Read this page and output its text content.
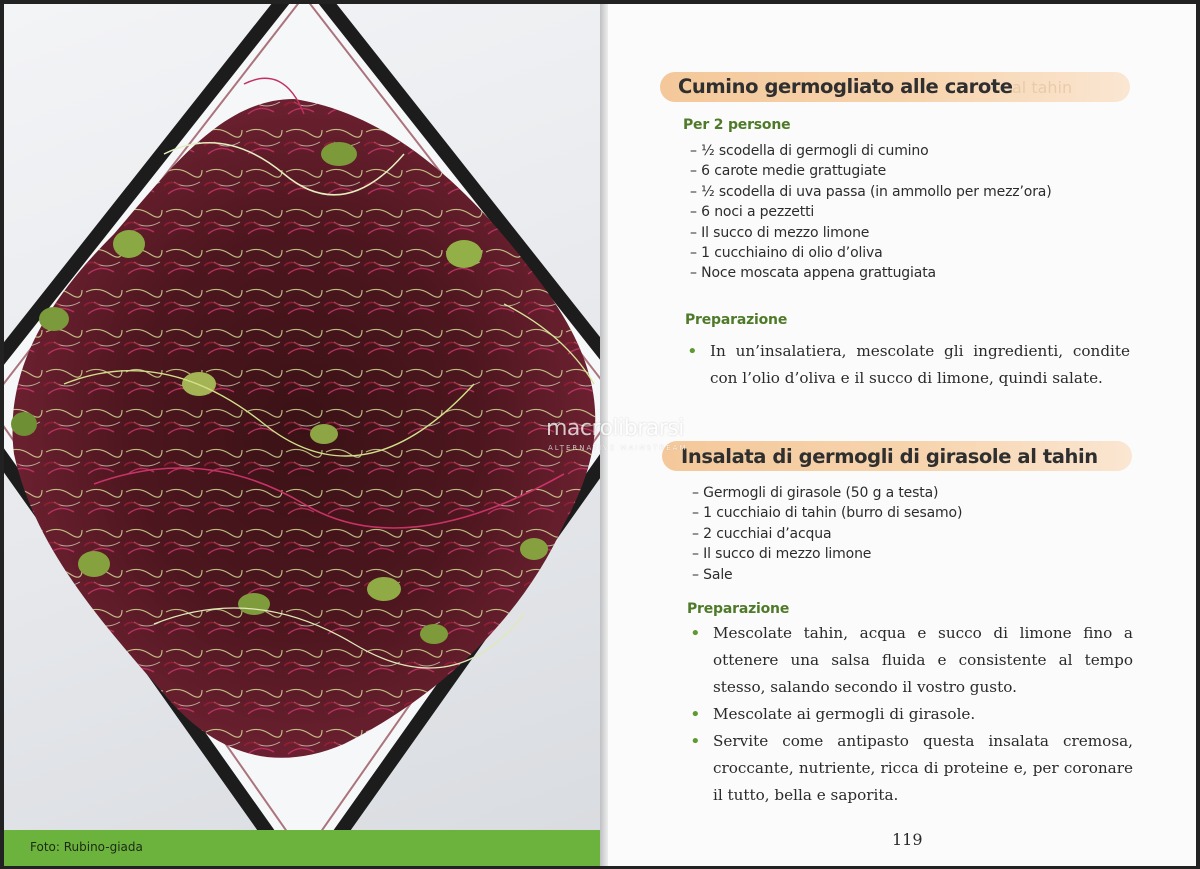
Foto: Rubino-giada
al tahin
Cumino germogliato alle carote
Per 2 persone
– ½ scodella di germogli di cumino
– 6 carote medie grattugiate
– ½ scodella di uva passa (in ammollo per mezz’ora)
– 6 noci a pezzetti
– Il succo di mezzo limone
– 1 cucchiaino di olio d’oliva
– Noce moscata appena grattugiata
Preparazione
• In un’insalatiera, mescolate gli ingredienti, condite con l’olio d’oliva e il succo di limone, quindi salate.
Insalata di germogli di girasole al tahin
– Germogli di girasole (50 g a testa)
– 1 cucchiaio di tahin (burro di sesamo)
– 2 cucchiai d’acqua
– Il succo di mezzo limone
– Sale
Preparazione
• Mescolate tahin, acqua e succo di limone fino a ottenere una salsa fluida e consistente al tempo stesso, salando secondo il vostro gusto.
• Mescolate ai germogli di girasole.
• Servite come antipasto questa insalata cremosa, croccante, nutriente, ricca di proteine e, per coronare il tutto, bella e saporita.
119
macrolibrarsi
ALTERNATIVE MAINSTREAM
